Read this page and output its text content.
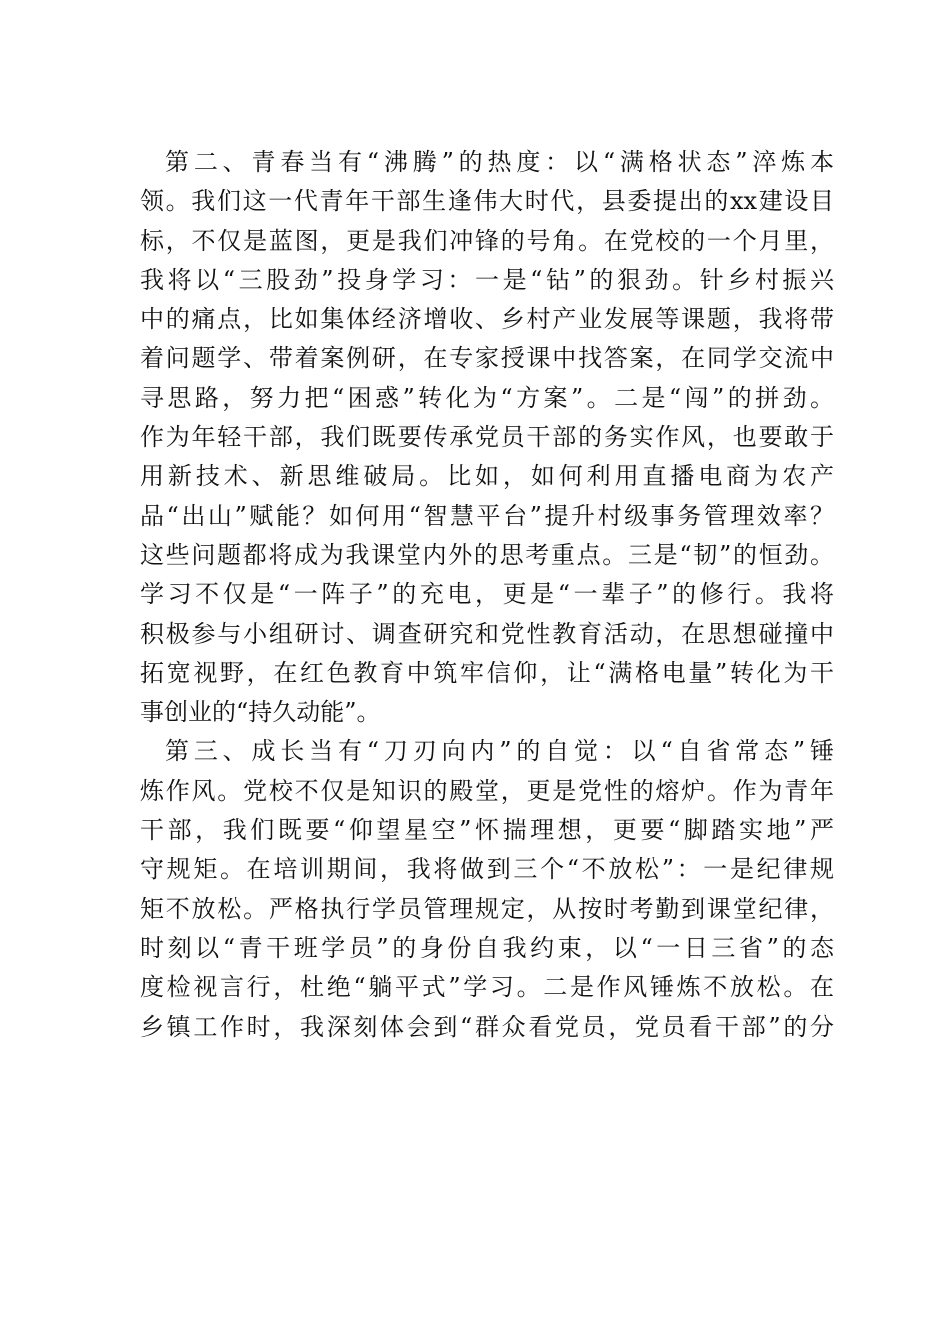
第二、青春当有“沸腾”的热度：以“满格状态”淬炼本
领。我们这一代青年干部生逢伟大时代，县委提出的xx建设目
标，不仅是蓝图，更是我们冲锋的号角。在党校的一个月里，
我将以“三股劲”投身学习：一是“钻”的狠劲。针乡村振兴
中的痛点，比如集体经济增收、乡村产业发展等课题，我将带
着问题学、带着案例研，在专家授课中找答案，在同学交流中
寻思路，努力把“困惑”转化为“方案”。二是“闯”的拼劲。
作为年轻干部，我们既要传承党员干部的务实作风，也要敢于
用新技术、新思维破局。比如，如何利用直播电商为农产
品“出山”赋能？如何用“智慧平台”提升村级事务管理效率？
这些问题都将成为我课堂内外的思考重点。三是“韧”的恒劲。
学习不仅是“一阵子”的充电，更是“一辈子”的修行。我将
积极参与小组研讨、调查研究和党性教育活动，在思想碰撞中
拓宽视野，在红色教育中筑牢信仰，让“满格电量”转化为干
事创业的“持久动能”。
第三、成长当有“刀刃向内”的自觉：以“自省常态”锤
炼作风。党校不仅是知识的殿堂，更是党性的熔炉。作为青年
干部，我们既要“仰望星空”怀揣理想，更要“脚踏实地”严
守规矩。在培训期间，我将做到三个“不放松”：一是纪律规
矩不放松。严格执行学员管理规定，从按时考勤到课堂纪律，
时刻以“青干班学员”的身份自我约束，以“一日三省”的态
度检视言行，杜绝“躺平式”学习。二是作风锤炼不放松。在
乡镇工作时，我深刻体会到“群众看党员，党员看干部”的分
